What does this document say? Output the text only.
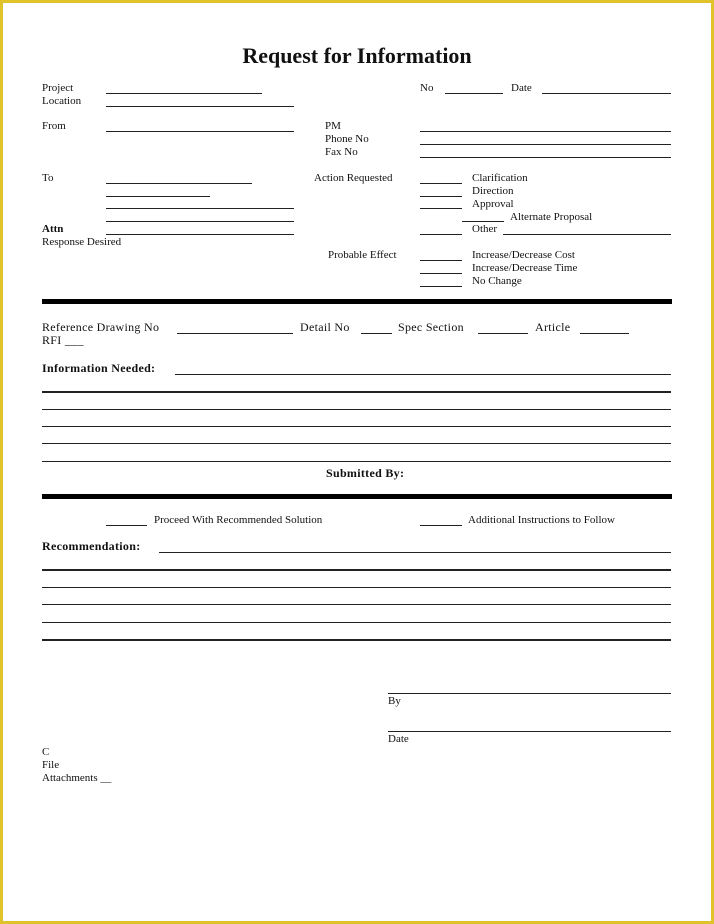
Request for Information
Project
Location
No	Date
From	PM
Phone No
Fax No
To
Attn
Response Desired
Action Requested	Clarification
Direction
Approval
Alternate Proposal
Other
Probable Effect	Increase/Decrease Cost
Increase/Decrease Time
No Change
Reference Drawing No	Detail No	Spec Section	Article
RFI ___
Information Needed:
Submitted By:
Proceed With Recommended Solution	Additional Instructions to Follow
Recommendation:
By
Date
C
File
Attachments __
